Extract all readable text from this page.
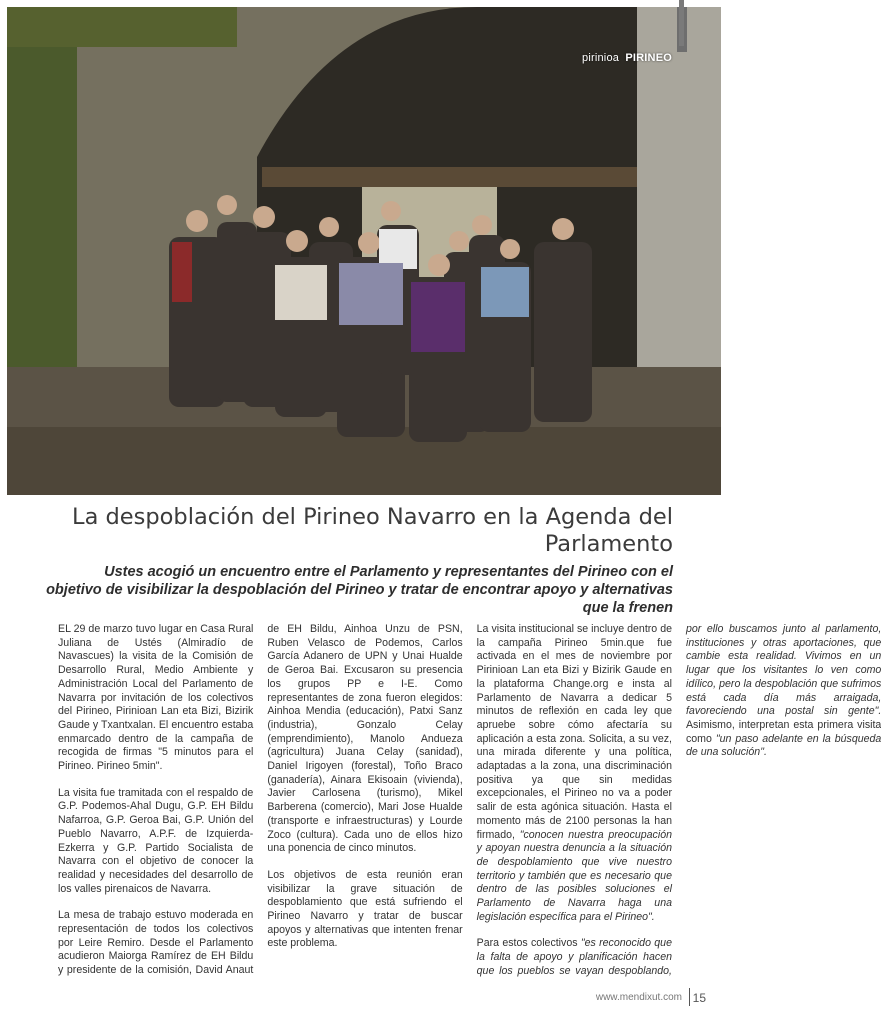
pirinioa PIRINEO
La despoblación del Pirineo Navarro en la Agenda del Parlamento
Ustes acogió un encuentro entre el Parlamento y representantes del Pirineo con el objetivo de visibilizar la despoblación del Pirineo y tratar de encontrar apoyo y alternativas que la frenen

EL 29 de marzo tuvo lugar en Casa Rural Juliana de Ustés (Almiradío de Navascues) la visita de la Comisión de Desarrollo Rural, Medio Ambiente y Administración Local del Parlamento de Navarra por invitación de los colectivos del Pirineo, Pirinioan Lan eta Bizi, Bizirik Gaude y Txantxalan. El encuentro estaba enmarcado dentro de la campaña de recogida de firmas "5 minutos para el Pirineo. Pirineo 5min".

La visita fue tramitada con el respaldo de G.P. Podemos-Ahal Dugu, G.P. EH Bildu Nafarroa, G.P. Geroa Bai, G.P. Unión del Pueblo Navarro, A.P.F. de Izquierda-Ezkerra y G.P. Partido Socialista de Navarra con el objetivo de conocer la realidad y necesidades del desarrollo de los valles pirenaicos de Navarra.

La mesa de trabajo estuvo moderada en representación de todos los colectivos por Leire Remiro. Desde el Parlamento acudieron Maiorga Ramírez de EH Bildu y presidente de la comisión, David Anaut de EH Bildu, Ainhoa Unzu de PSN, Ruben Velasco de Podemos, Carlos García Adanero de UPN y Unai Hualde de Geroa Bai. Excusaron su presencia los grupos PP e I-E. Como representantes de zona fueron elegidos: Ainhoa Mendia (educación), Patxi Sanz (industria), Gonzalo Celay (emprendimiento), Manolo Andueza (agricultura) Juana Celay (sanidad), Daniel Irigoyen (forestal), Toño Braco (ganadería), Ainara Ekisoain (vivienda), Javier Carlosena (turismo), Mikel Barberena (comercio), Mari Jose Hualde (transporte e infraestructuras) y Lourde Zoco (cultura). Cada uno de ellos hizo una ponencia de cinco minutos.

Los objetivos de esta reunión eran visibilizar la grave situación de despoblamiento que está sufriendo el Pirineo Navarro y tratar de buscar apoyos y alternativas que intenten frenar este problema.

La visita institucional se incluye dentro de la campaña Pirineo 5min.que fue activada en el mes de noviembre por Pirinioan Lan eta Bizi y Bizirik Gaude en la plataforma Change.org e insta al Parlamento de Navarra a dedicar 5 minutos de reflexión en cada ley que apruebe sobre cómo afectaría su aplicación a esta zona. Solicita, a su vez, una mirada diferente y una política, adaptadas a la zona, una discriminación positiva ya que sin medidas excepcionales, el Pirineo no va a poder salir de esta agónica situación. Hasta el momento más de 2100 personas la han firmado, "conocen nuestra preocupación y apoyan nuestra denuncia a la situación de despoblamiento que vive nuestro territorio y también que es necesario que dentro de las posibles soluciones el Parlamento de Navarra haga una legislación específica para el Pirineo".

Para estos colectivos "es reconocido que la falta de apoyo y planificación hacen que los pueblos se vayan despoblando, por ello buscamos junto al parlamento, instituciones y otras aportaciones, que cambie esta realidad. Vivimos en un lugar que los visitantes lo ven como idílico, pero la despoblación que sufrimos está cada día más arraigada, favoreciendo una postal sin gente". Asimismo, interpretan esta primera visita como "un paso adelante en la búsqueda de una solución".

www.mendixut.com 15
